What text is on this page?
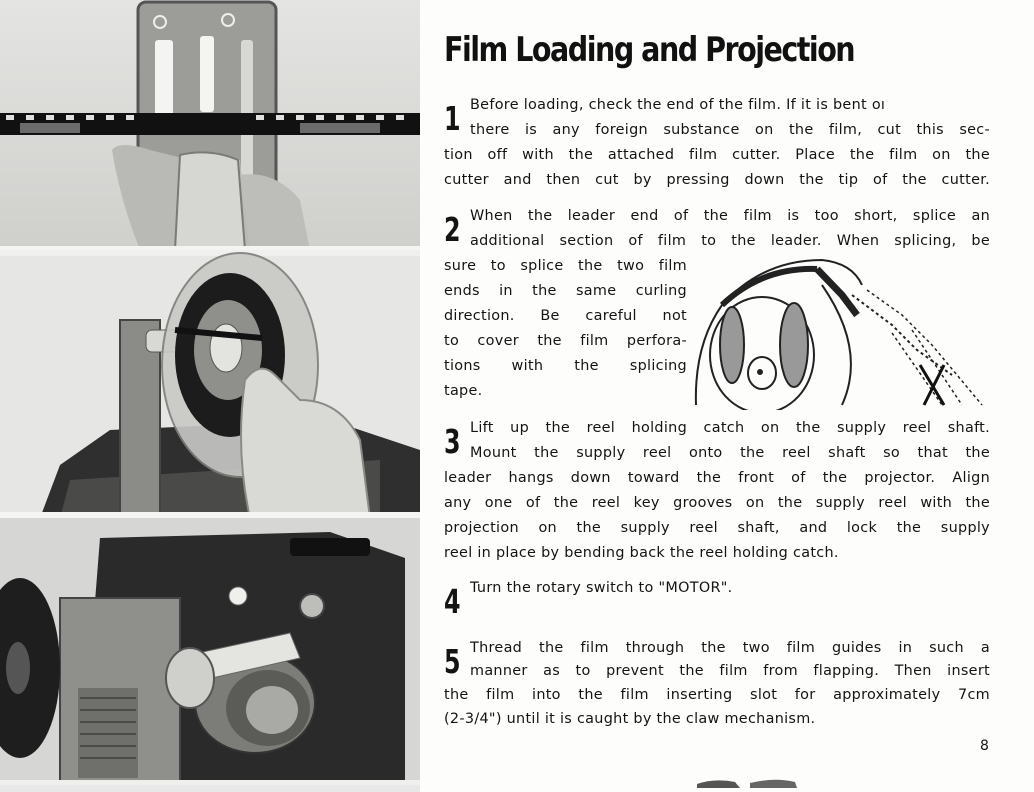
Film Loading and Projection
1 Before loading, check the end of the film. If it is bent oı
there is any foreign substance on the film, cut this sec-
tion off with the attached film cutter. Place the film on the
cutter and then cut by pressing down the tip of the cutter.
2 When the leader end of the film is too short, splice an
additional section of film to the leader. When splicing, be
sure to splice the two film
ends in the same curling
direction. Be careful not
to cover the film perfora-
tions with the splicing
tape.
3 Lift up the reel holding catch on the supply reel shaft.
Mount the supply reel onto the reel shaft so that the
leader hangs down toward the front of the projector. Align
any one of the reel key grooves on the supply reel with the
projection on the supply reel shaft, and lock the supply
reel in place by bending back the reel holding catch.
4 Turn the rotary switch to "MOTOR".
5 Thread the film through the two film guides in such a
manner as to prevent the film from flapping. Then insert
the film into the film inserting slot for approximately 7cm
(2-3/4") until it is caught by the claw mechanism.
8
